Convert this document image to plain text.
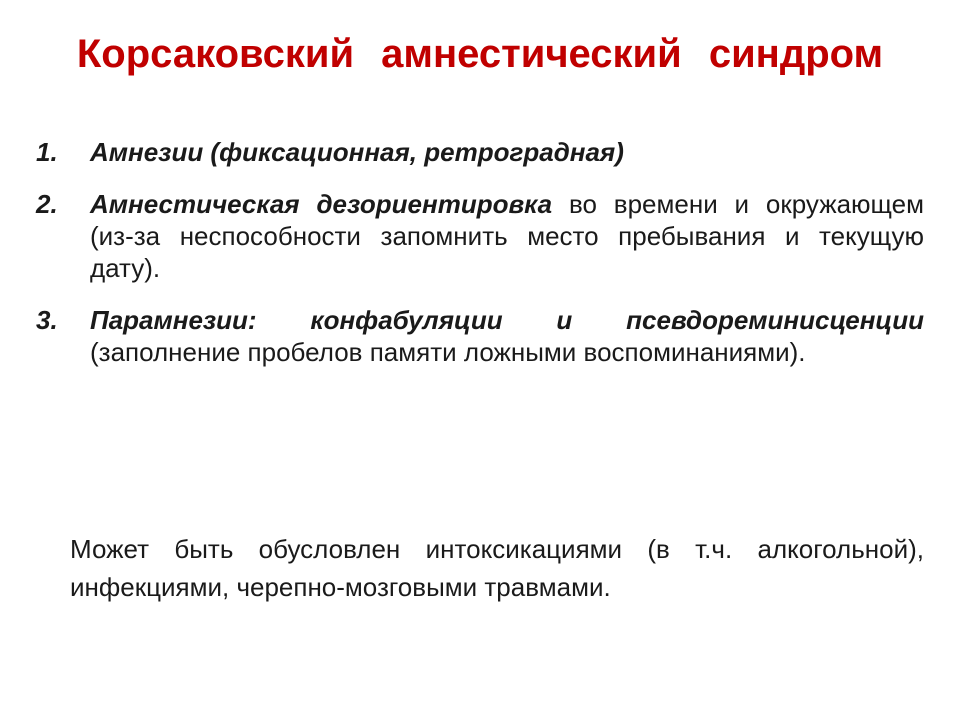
Корсаковский амнестический синдром
1. Амнезии (фиксационная, ретроградная)
2. Амнестическая дезориентировка во времени и окружающем (из-за неспособности запомнить место пребывания и текущую дату).
3. Парамнезии: конфабуляции и псевдореминисценции (заполнение пробелов памяти ложными воспоминаниями).

Может быть обусловлен интоксикациями (в т.ч. алкогольной), инфекциями, черепно-мозговыми травмами.
